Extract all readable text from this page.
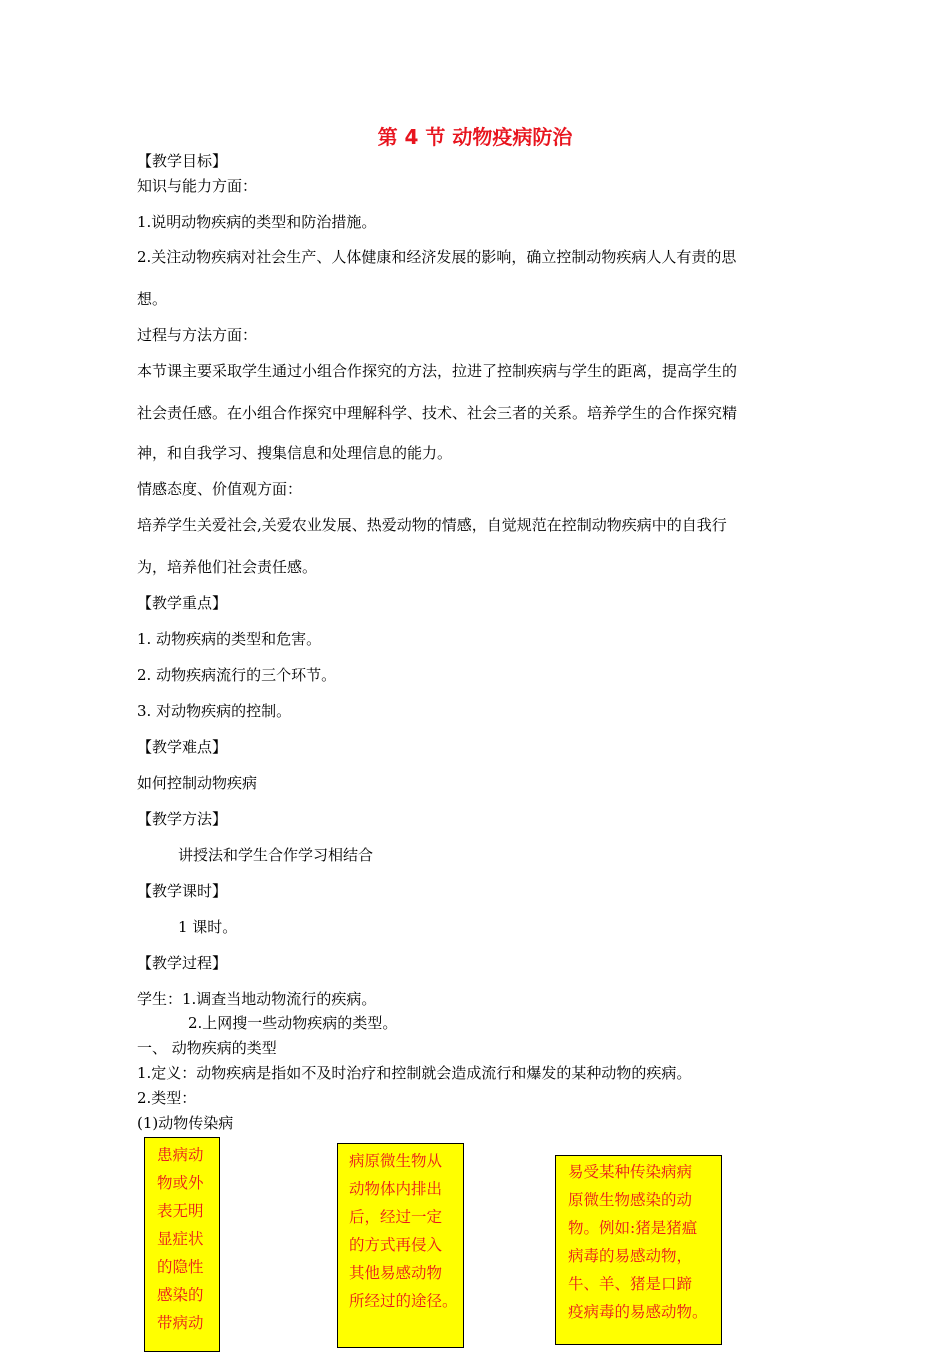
第 4 节 动物疫病防治
【教学目标】
知识与能力方面：
1.说明动物疾病的类型和防治措施。
2.关注动物疾病对社会生产、人体健康和经济发展的影响，确立控制动物疾病人人有责的思
想。
过程与方法方面：
本节课主要采取学生通过小组合作探究的方法，拉进了控制疾病与学生的距离，提高学生的
社会责任感。在小组合作探究中理解科学、技术、社会三者的关系。培养学生的合作探究精
神，和自我学习、搜集信息和处理信息的能力。
情感态度、价值观方面：
培养学生关爱社会,关爱农业发展、热爱动物的情感，自觉规范在控制动物疾病中的自我行
为，培养他们社会责任感。
【教学重点】
1. 动物疾病的类型和危害。
2. 动物疾病流行的三个环节。
3. 对动物疾病的控制。
【教学难点】
如何控制动物疾病
【教学方法】
讲授法和学生合作学习相结合
【教学课时】
1 课时。
【教学过程】
学生：1.调查当地动物流行的疾病。
2.上网搜一些动物疾病的类型。
一、 动物疾病的类型
1.定义：动物疾病是指如不及时治疗和控制就会造成流行和爆发的某种动物的疾病。
2.类型：
(1)动物传染病
患病动
物或外
表无明
显症状
的隐性
感染的
带病动
病原微生物从
动物体内排出
后，经过一定
的方式再侵入
其他易感动物
所经过的途径。
易受某种传染病病
原微生物感染的动
物。例如:猪是猪瘟
病毒的易感动物，
牛、羊、猪是口蹄
疫病毒的易感动物。
